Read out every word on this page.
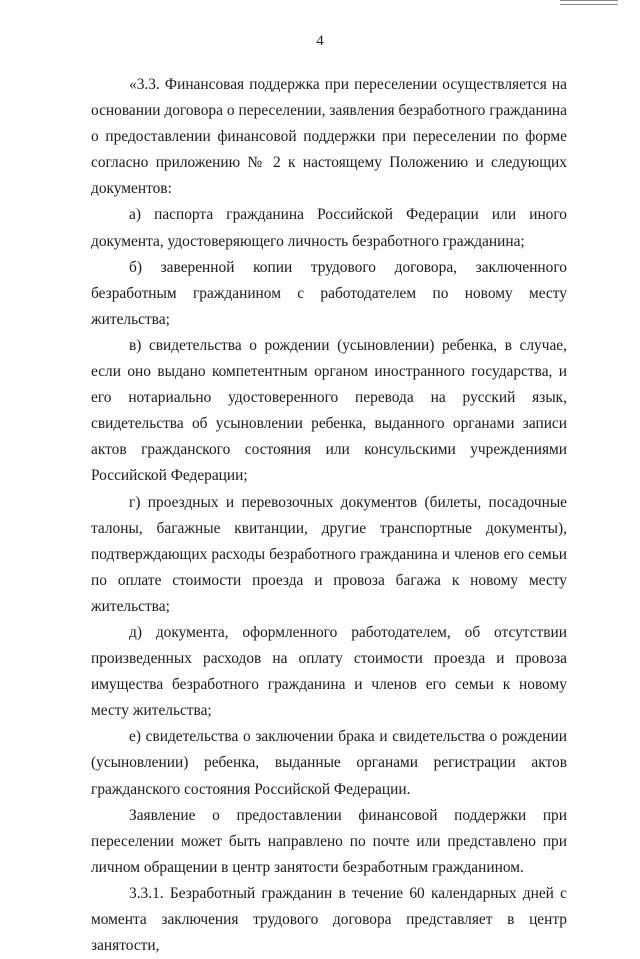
4

«3.3. Финансовая поддержка при переселении осуществляется на основании договора о переселении, заявления безработного гражданина о предоставлении финансовой поддержки при переселении по форме согласно приложению № 2 к настоящему Положению и следующих документов:

а) паспорта гражданина Российской Федерации или иного документа, удостоверяющего личность безработного гражданина;

б) заверенной копии трудового договора, заключенного безработным гражданином с работодателем по новому месту жительства;

в) свидетельства о рождении (усыновлении) ребенка, в случае, если оно выдано компетентным органом иностранного государства, и его нотариально удостоверенного перевода на русский язык, свидетельства об усыновлении ребенка, выданного органами записи актов гражданского состояния или консульскими учреждениями Российской Федерации;

г) проездных и перевозочных документов (билеты, посадочные талоны, багажные квитанции, другие транспортные документы), подтверждающих расходы безработного гражданина и членов его семьи по оплате стоимости проезда и провоза багажа к новому месту жительства;

д) документа, оформленного работодателем, об отсутствии произведенных расходов на оплату стоимости проезда и провоза имущества безработного гражданина и членов его семьи к новому месту жительства;

е) свидетельства о заключении брака и свидетельства о рождении (усыновлении) ребенка, выданные органами регистрации актов гражданского состояния Российской Федерации.

Заявление о предоставлении финансовой поддержки при переселении может быть направлено по почте или представлено при личном обращении в центр занятости безработным гражданином.

3.3.1. Безработный гражданин в течение 60 календарных дней с момента заключения трудового договора представляет в центр занятости,
